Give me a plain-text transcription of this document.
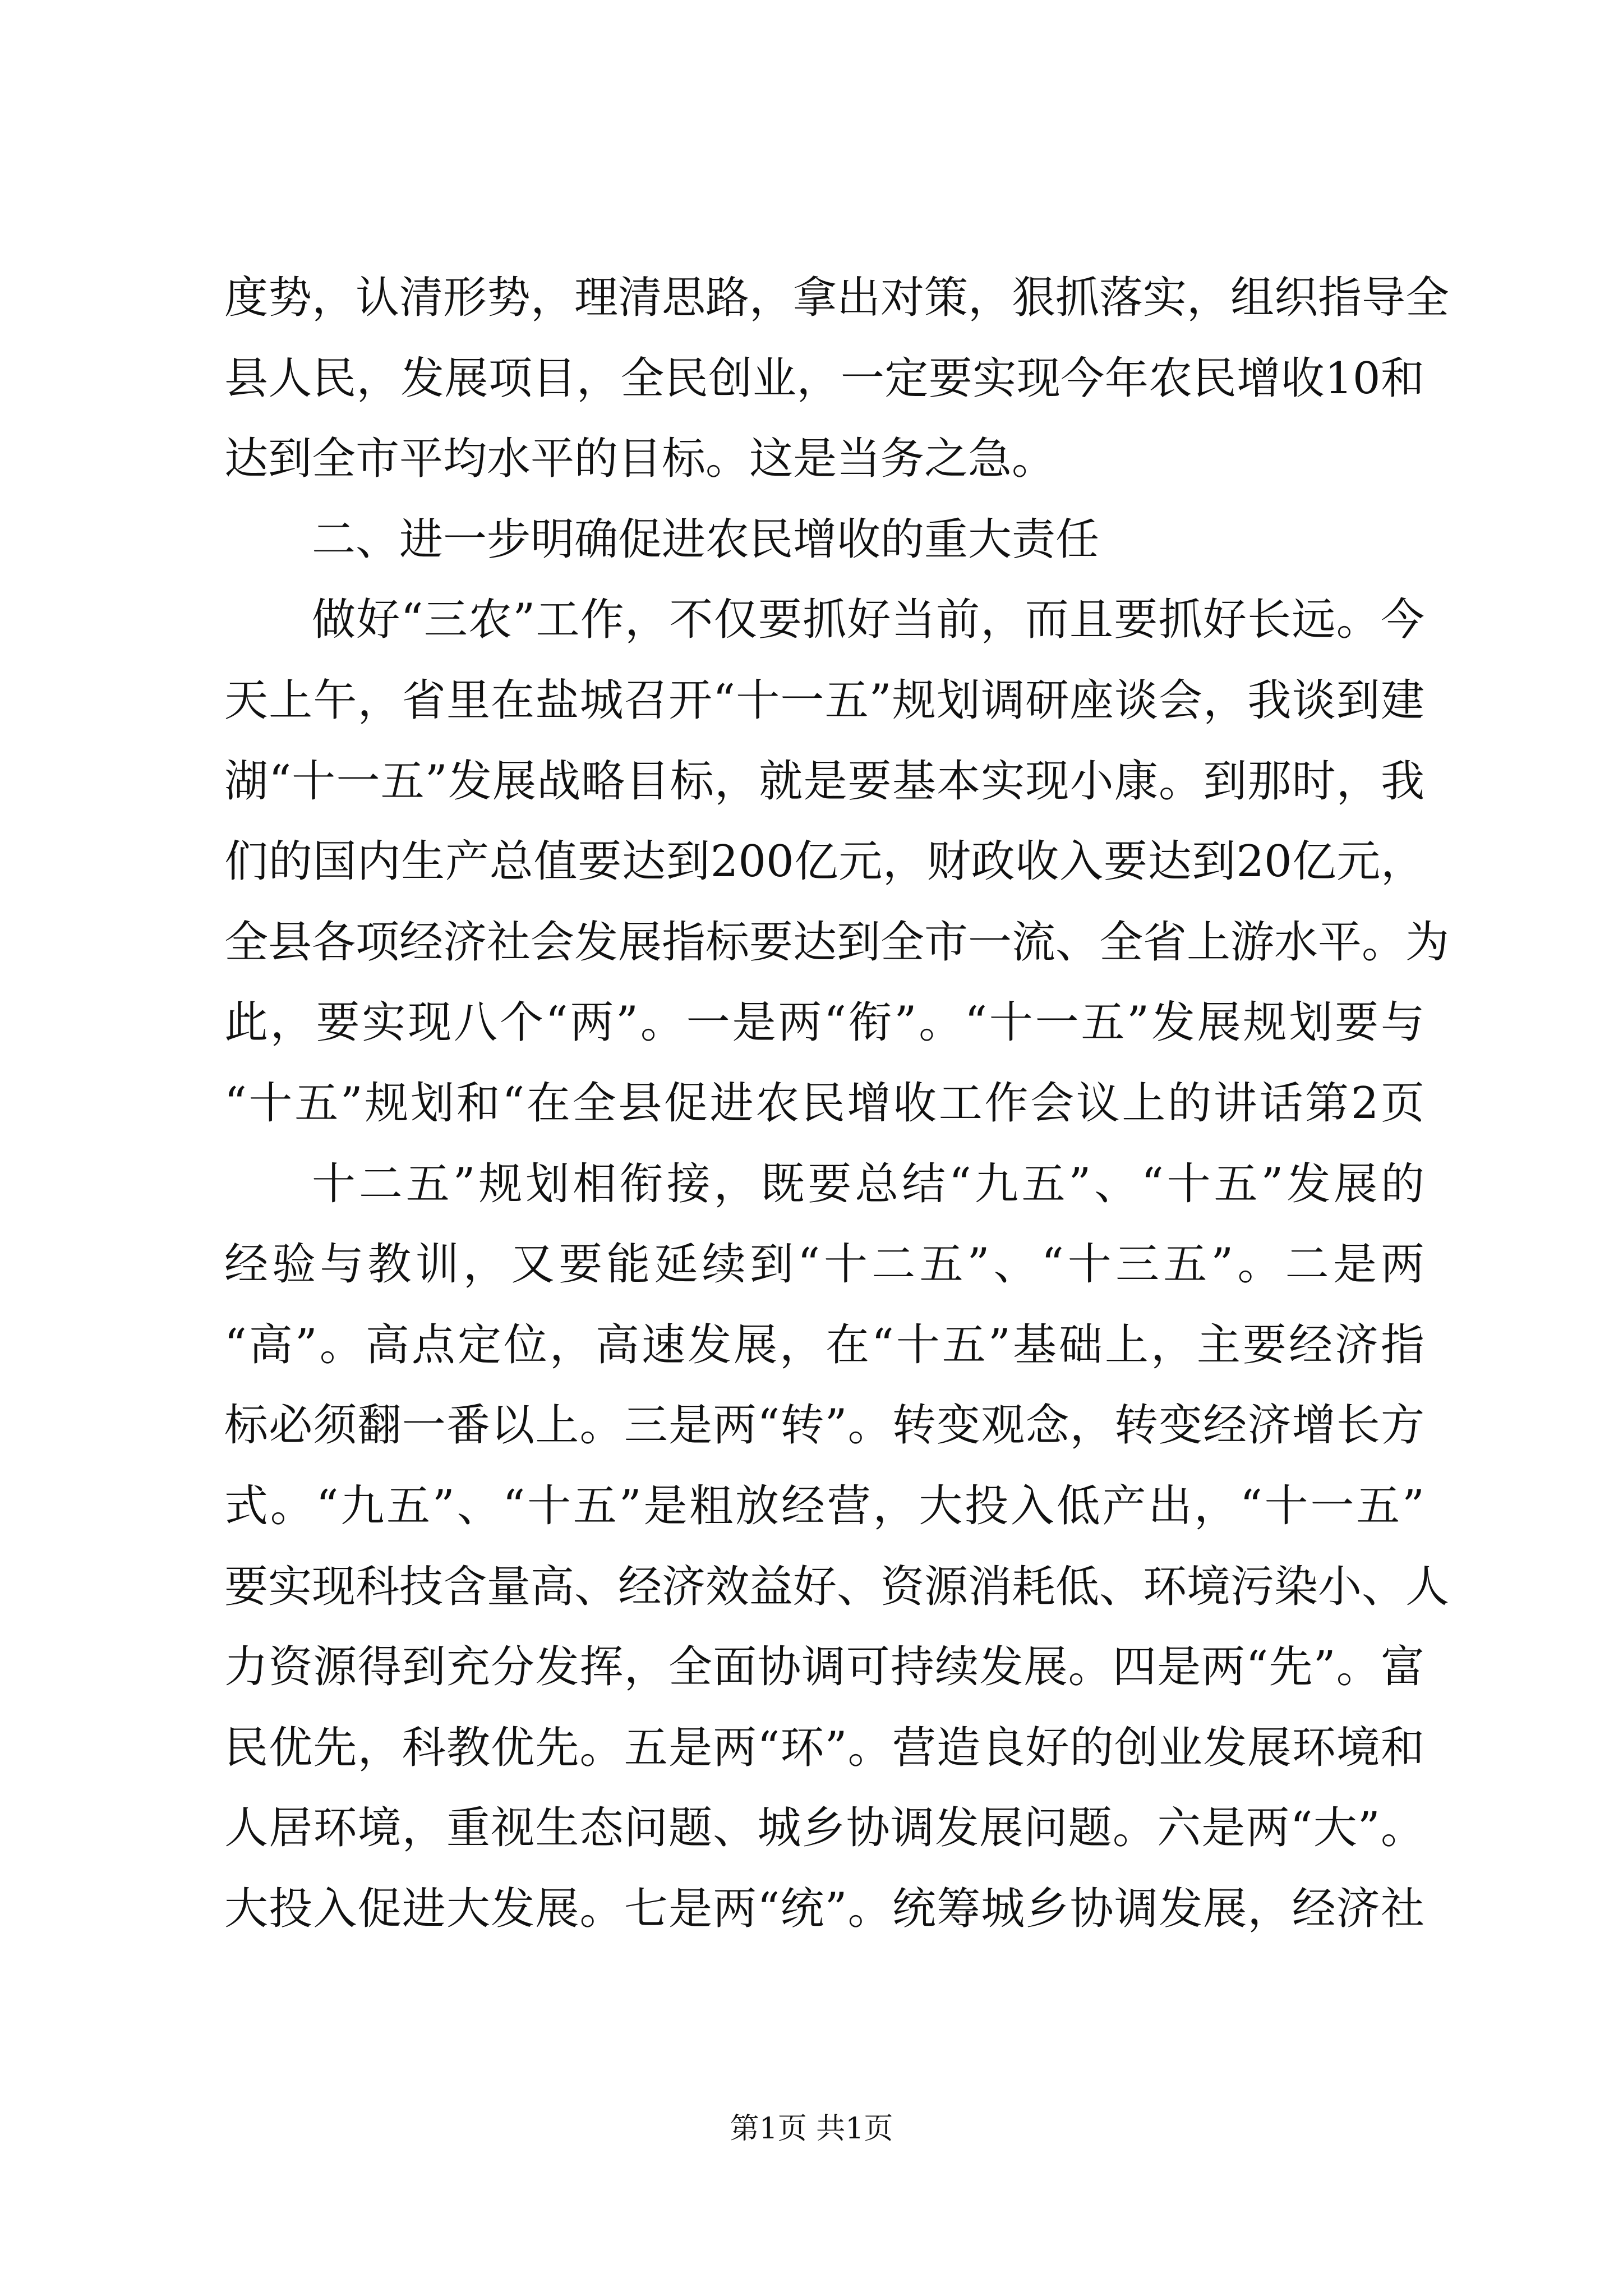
度势，认清形势，理清思路，拿出对策，狠抓落实，组织指导全
县人民，发展项目，全民创业，一定要实现今年农民增收10和
达到全市平均水平的目标。这是当务之急。
二、进一步明确促进农民增收的重大责任
做好“三农”工作，不仅要抓好当前，而且要抓好长远。今
天上午，省里在盐城召开“十一五”规划调研座谈会，我谈到建
湖“十一五”发展战略目标，就是要基本实现小康。到那时，我
们的国内生产总值要达到200亿元，财政收入要达到20亿元，
全县各项经济社会发展指标要达到全市一流、全省上游水平。为
此，要实现八个“两”。一是两“衔”。“十一五”发展规划要与
“十五”规划和“在全县促进农民增收工作会议上的讲话第2页
十二五”规划相衔接，既要总结“九五”、“十五”发展的
经验与教训，又要能延续到“十二五”、“十三五”。二是两
“高”。高点定位，高速发展，在“十五”基础上，主要经济指
标必须翻一番以上。三是两“转”。转变观念，转变经济增长方
式。“九五”、“十五”是粗放经营，大投入低产出，“十一五”
要实现科技含量高、经济效益好、资源消耗低、环境污染小、人
力资源得到充分发挥，全面协调可持续发展。四是两“先”。富
民优先，科教优先。五是两“环”。营造良好的创业发展环境和
人居环境，重视生态问题、城乡协调发展问题。六是两“大”。
大投入促进大发展。七是两“统”。统筹城乡协调发展，经济社
第1页 共1页
